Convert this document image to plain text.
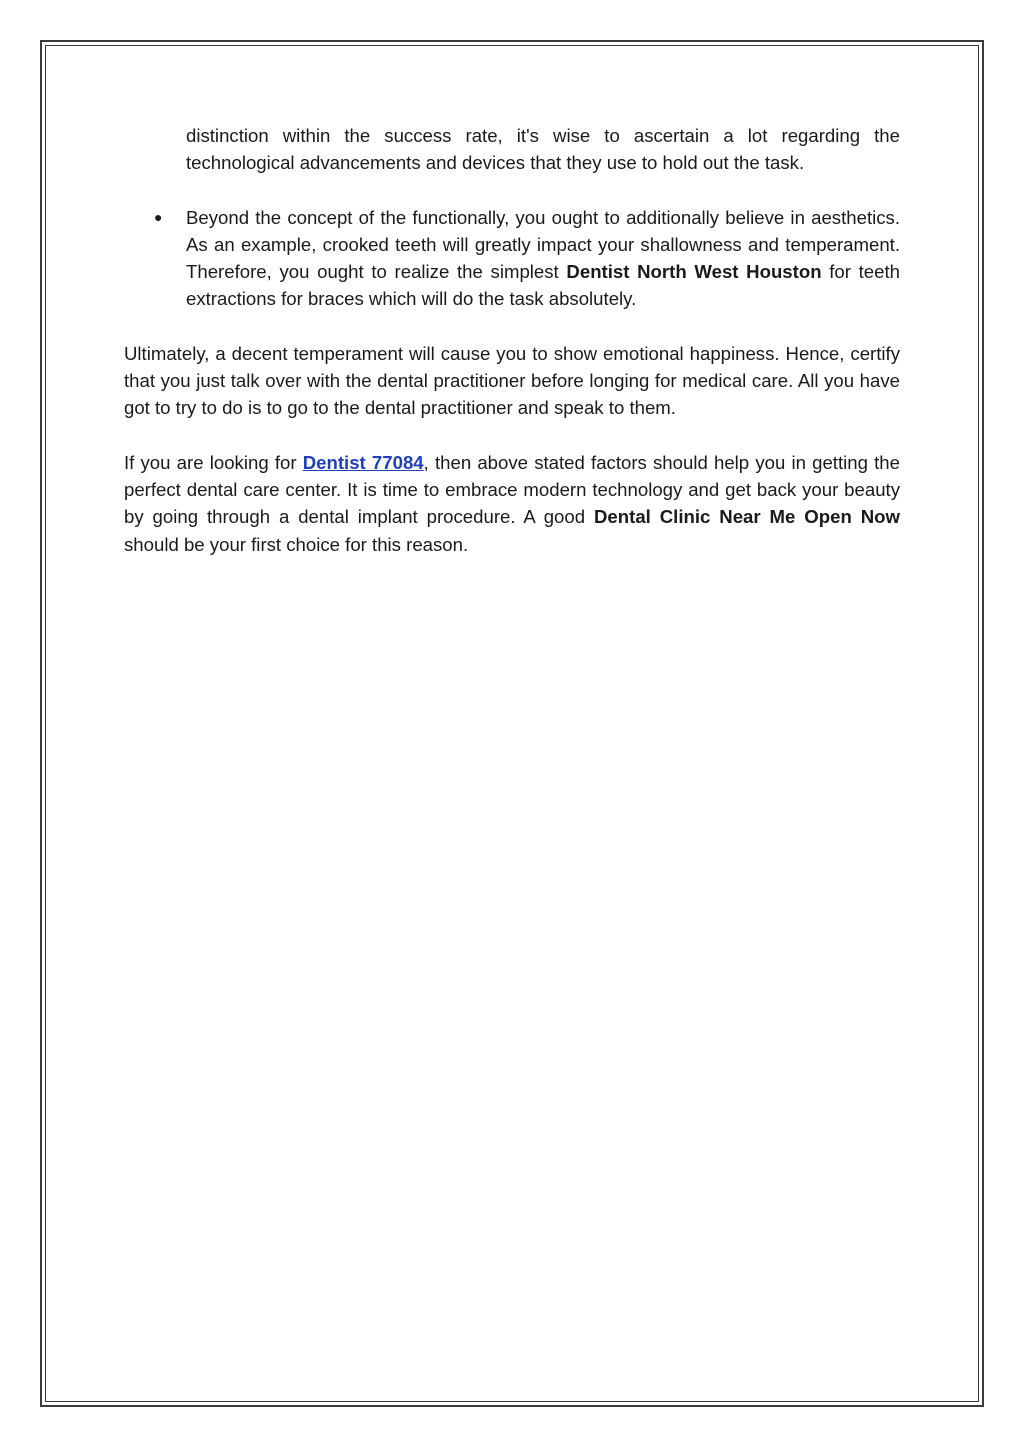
distinction within the success rate, it's wise to ascertain a lot regarding the technological advancements and devices that they use to hold out the task.

● Beyond the concept of the functionally, you ought to additionally believe in aesthetics. As an example, crooked teeth will greatly impact your shallowness and temperament. Therefore, you ought to realize the simplest Dentist North West Houston for teeth extractions for braces which will do the task absolutely.

Ultimately, a decent temperament will cause you to show emotional happiness. Hence, certify that you just talk over with the dental practitioner before longing for medical care. All you have got to try to do is to go to the dental practitioner and speak to them.

If you are looking for Dentist 77084, then above stated factors should help you in getting the perfect dental care center. It is time to embrace modern technology and get back your beauty by going through a dental implant procedure. A good Dental Clinic Near Me Open Now should be your first choice for this reason.
